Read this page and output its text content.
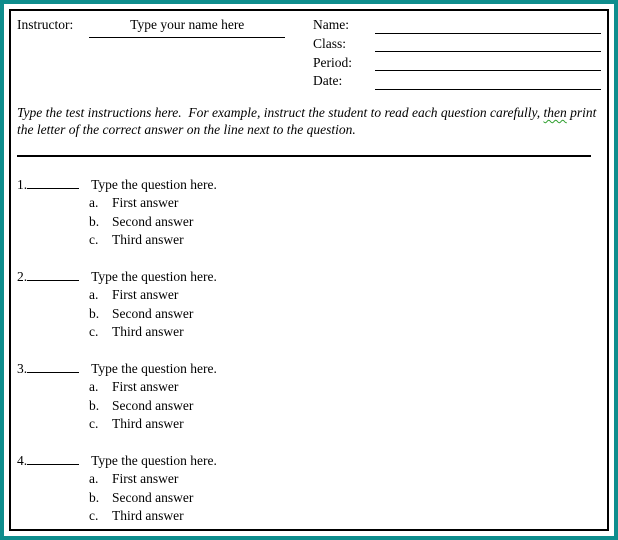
Instructor:	Type your name here	Name:
Class:
Period:
Date:

Type the test instructions here.  For example, instruct the student to read each question carefully, then print the letter of the correct answer on the line next to the question.

1.	Type the question here.
a. First answer
b. Second answer
c. Third answer
2.	Type the question here.
a. First answer
b. Second answer
c. Third answer
3.	Type the question here.
a. First answer
b. Second answer
c. Third answer
4.	Type the question here.
a. First answer
b. Second answer
c. Third answer
